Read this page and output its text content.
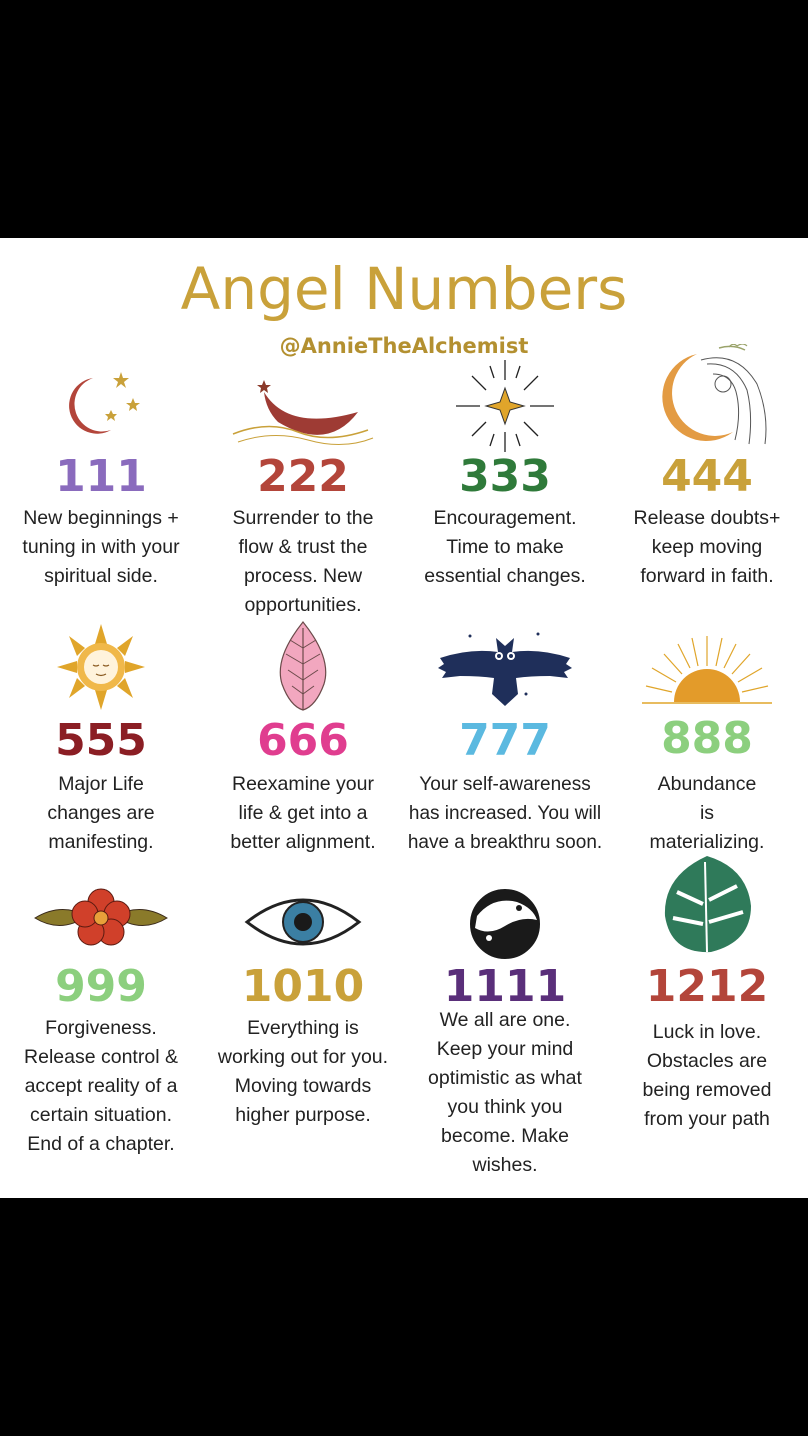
Angel Numbers
@AnnieTheAlchemist
111
New beginnings +
tuning in with your
spiritual side.
222
Surrender to the
flow & trust the
process. New
opportunities.
333
Encouragement.
Time to make
essential changes.
444
Release doubts+
keep moving
forward in faith.
555
Major Life
changes are
manifesting.
666
Reexamine your
life & get into a
better alignment.
777
Your self-awareness
has increased. You will
have a breakthru soon.
888
Abundance
is
materializing.
999
Forgiveness.
Release control &
accept reality of a
certain situation.
End of a chapter.
1010
Everything is
working out for you.
Moving towards
higher purpose.
1111
We all are one.
Keep your mind
optimistic as what
you think you
become. Make
wishes.
1212
Luck in love.
Obstacles are
being removed
from your path
